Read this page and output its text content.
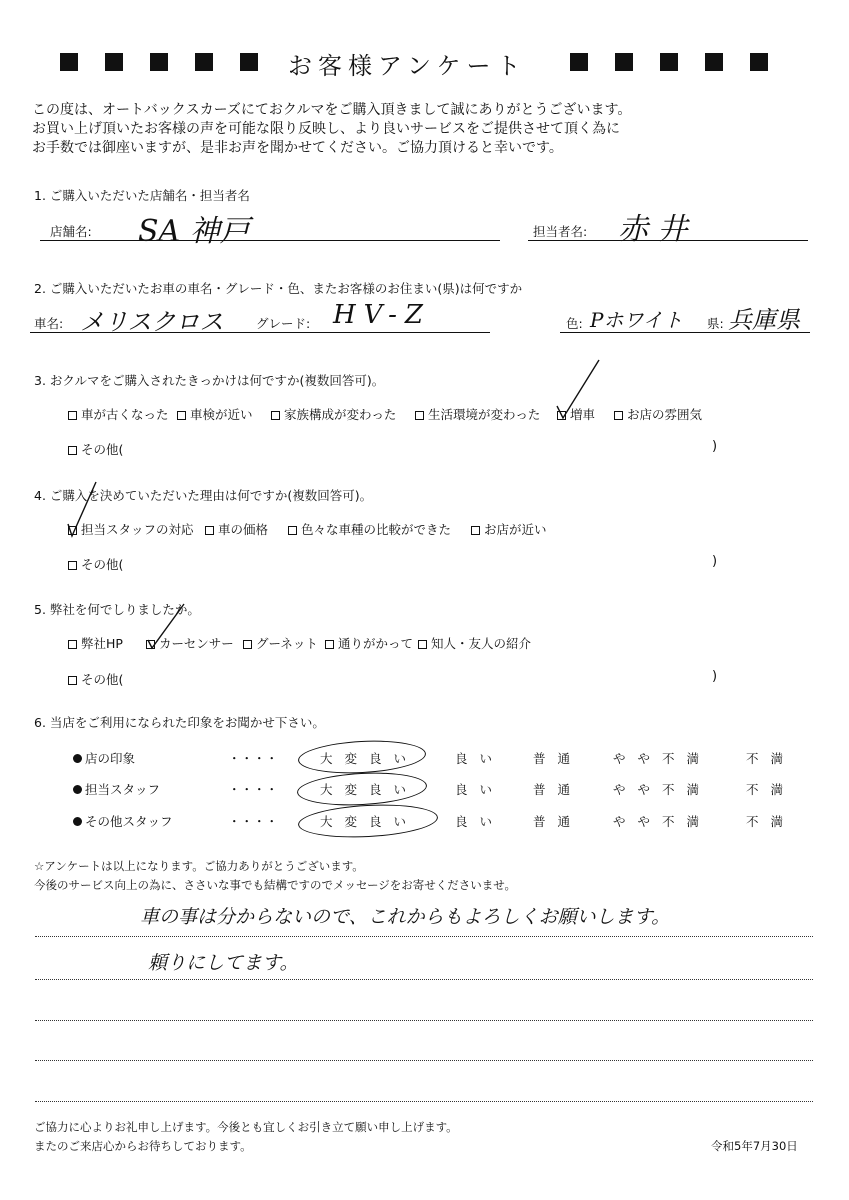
お客様アンケート
この度は、オートバックスカーズにておクルマをご購入頂きまして誠にありがとうございます。
お買い上げ頂いたお客様の声を可能な限り反映し、より良いサービスをご提供させて頂く為に
お手数では御座いますが、是非お声を聞かせてください。ご協力頂けると幸いです。
1. ご購入いただいた店舗名・担当者名
店舗名: SA 神戸	担当者名: 赤 井
2. ご購入いただいたお車の車名・グレード・色、またお客様のお住まい(県)は何ですか
車名: メリスクロス	グレード: HV-Z	色: Pホワイト 県: 兵庫県
3. おクルマをご購入されたきっかけは何ですか(複数回答可)。
車が古くなった	車検が近い	家族構成が変わった	生活環境が変わった	増車	お店の雰囲気
その他(	)
4. ご購入を決めていただいた理由は何ですか(複数回答可)。
担当スタッフの対応	車の価格	色々な車種の比較ができた	お店が近い
その他(	)
5. 弊社を何でしりましたか。
弊社HP	カーセンサー	グーネット	通りがかって	知人・友人の紹介
その他(	)
6. 当店をご利用になられた印象をお聞かせ下さい。
店の印象	・・・・	大変良い	良い 普通 やや不満	不満
担当スタッフ	・・・・	大変良い	良い 普通 やや不満	不満
その他スタッフ	・・・・	大変良い	良い 普通 やや不満	不満
☆アンケートは以上になります。ご協力ありがとうございます。
今後のサービス向上の為に、ささいな事でも結構ですのでメッセージをお寄せくださいませ。
車の事は分からないので、これからもよろしくお願いします。
頼りにしてます。
ご協力に心よりお礼申し上げます。今後とも宜しくお引き立て願い申し上げます。
またのご来店心からお待ちしております。	令和5年7月30日
